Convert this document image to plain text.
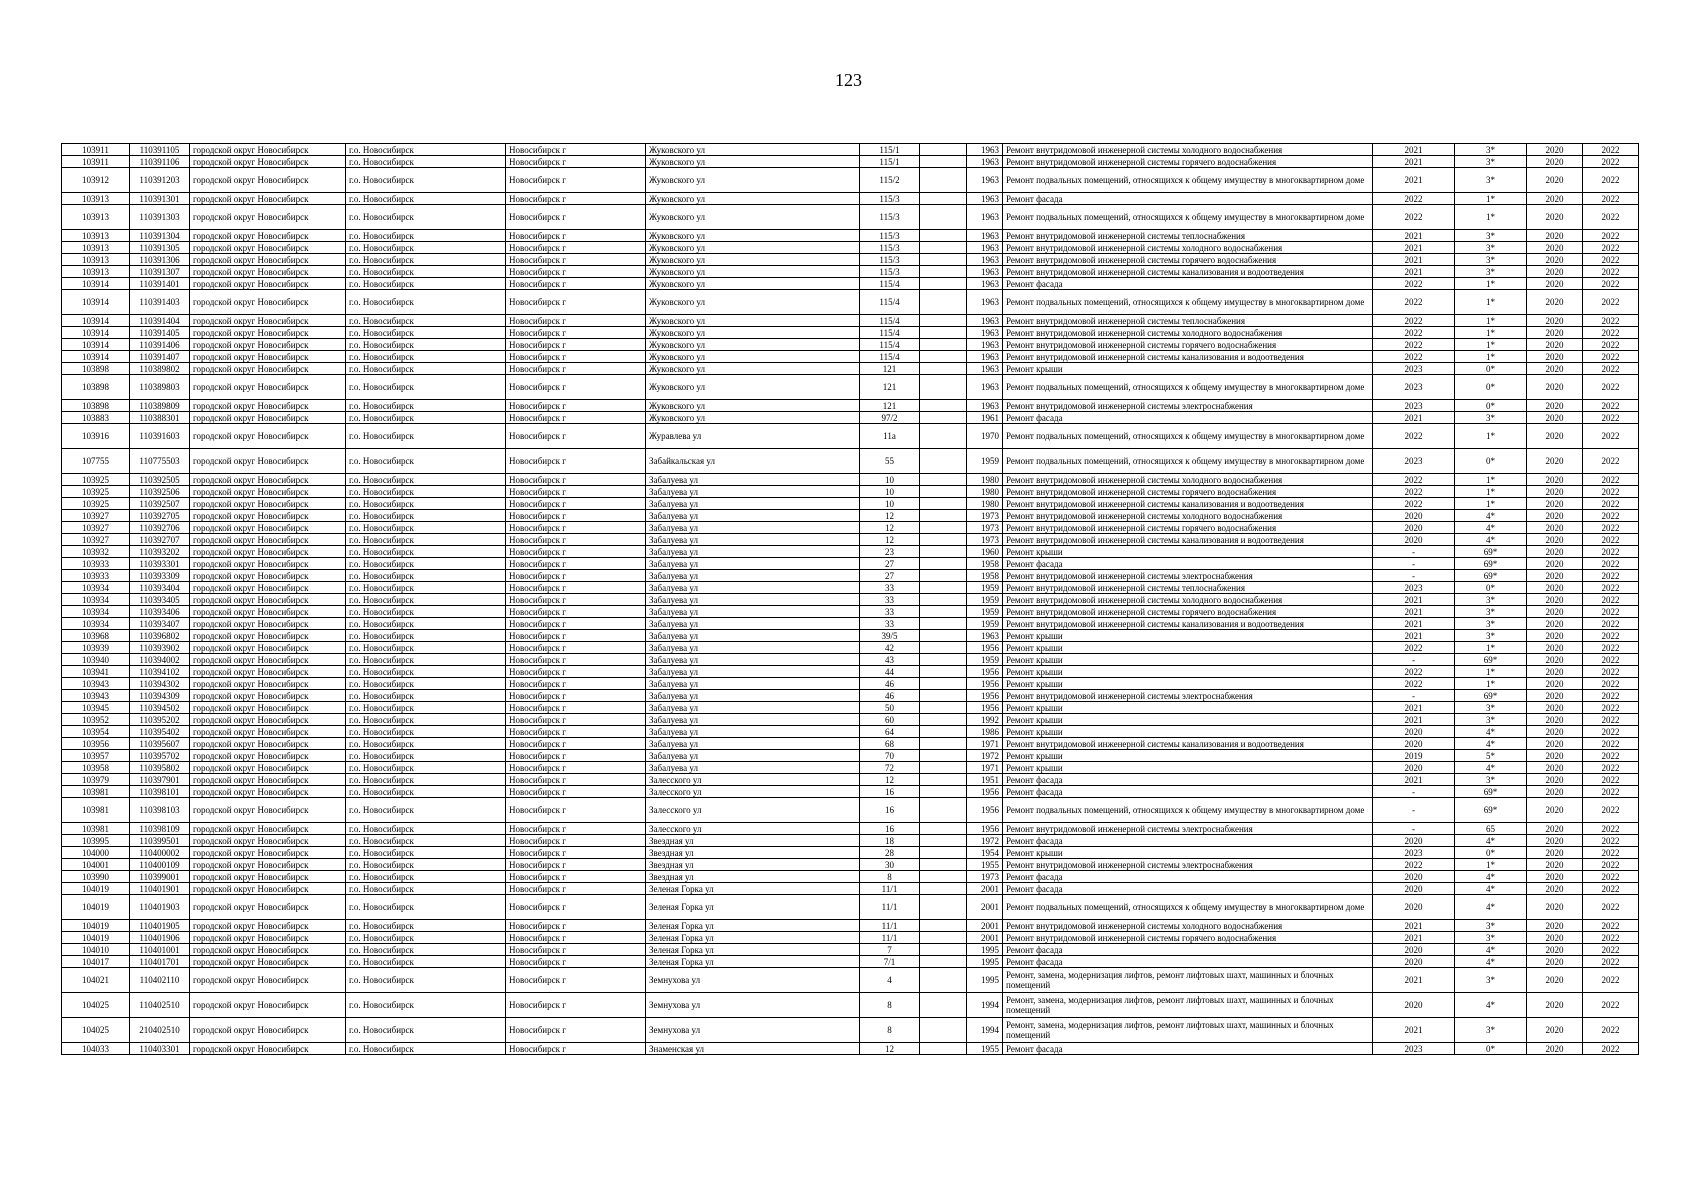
123
103911	110391105	городской округ Новосибирск	г.о. Новосибирск	Новосибирск г	Жуковского ул	115/1		1963	Ремонт внутридомовой инженерной системы холодного водоснабжения	2021	3*	2020	2022
103911	110391106	городской округ Новосибирск	г.о. Новосибирск	Новосибирск г	Жуковского ул	115/1		1963	Ремонт внутридомовой инженерной системы горячего водоснабжения	2021	3*	2020	2022
103912	110391203	городской округ Новосибирск	г.о. Новосибирск	Новосибирск г	Жуковского ул	115/2		1963	Ремонт подвальных помещений, относящихся к общему имуществу в многоквартирном доме	2021	3*	2020	2022
103913	110391301	городской округ Новосибирск	г.о. Новосибирск	Новосибирск г	Жуковского ул	115/3		1963	Ремонт фасада	2022	1*	2020	2022
103913	110391303	городской округ Новосибирск	г.о. Новосибирск	Новосибирск г	Жуковского ул	115/3		1963	Ремонт подвальных помещений, относящихся к общему имуществу в многоквартирном доме	2022	1*	2020	2022
103913	110391304	городской округ Новосибирск	г.о. Новосибирск	Новосибирск г	Жуковского ул	115/3		1963	Ремонт внутридомовой инженерной системы теплоснабжения	2021	3*	2020	2022
103913	110391305	городской округ Новосибирск	г.о. Новосибирск	Новосибирск г	Жуковского ул	115/3		1963	Ремонт внутридомовой инженерной системы холодного водоснабжения	2021	3*	2020	2022
103913	110391306	городской округ Новосибирск	г.о. Новосибирск	Новосибирск г	Жуковского ул	115/3		1963	Ремонт внутридомовой инженерной системы горячего водоснабжения	2021	3*	2020	2022
103913	110391307	городской округ Новосибирск	г.о. Новосибирск	Новосибирск г	Жуковского ул	115/3		1963	Ремонт внутридомовой инженерной системы канализования и водоотведения	2021	3*	2020	2022
103914	110391401	городской округ Новосибирск	г.о. Новосибирск	Новосибирск г	Жуковского ул	115/4		1963	Ремонт фасада	2022	1*	2020	2022
103914	110391403	городской округ Новосибирск	г.о. Новосибирск	Новосибирск г	Жуковского ул	115/4		1963	Ремонт подвальных помещений, относящихся к общему имуществу в многоквартирном доме	2022	1*	2020	2022
103914	110391404	городской округ Новосибирск	г.о. Новосибирск	Новосибирск г	Жуковского ул	115/4		1963	Ремонт внутридомовой инженерной системы теплоснабжения	2022	1*	2020	2022
103914	110391405	городской округ Новосибирск	г.о. Новосибирск	Новосибирск г	Жуковского ул	115/4		1963	Ремонт внутридомовой инженерной системы холодного водоснабжения	2022	1*	2020	2022
103914	110391406	городской округ Новосибирск	г.о. Новосибирск	Новосибирск г	Жуковского ул	115/4		1963	Ремонт внутридомовой инженерной системы горячего водоснабжения	2022	1*	2020	2022
103914	110391407	городской округ Новосибирск	г.о. Новосибирск	Новосибирск г	Жуковского ул	115/4		1963	Ремонт внутридомовой инженерной системы канализования и водоотведения	2022	1*	2020	2022
103898	110389802	городской округ Новосибирск	г.о. Новосибирск	Новосибирск г	Жуковского ул	121		1963	Ремонт крыши	2023	0*	2020	2022
103898	110389803	городской округ Новосибирск	г.о. Новосибирск	Новосибирск г	Жуковского ул	121		1963	Ремонт подвальных помещений, относящихся к общему имуществу в многоквартирном доме	2023	0*	2020	2022
103898	110389809	городской округ Новосибирск	г.о. Новосибирск	Новосибирск г	Жуковского ул	121		1963	Ремонт внутридомовой инженерной системы электроснабжения	2023	0*	2020	2022
103883	110388301	городской округ Новосибирск	г.о. Новосибирск	Новосибирск г	Жуковского ул	97/2		1961	Ремонт фасада	2021	3*	2020	2022
103916	110391603	городской округ Новосибирск	г.о. Новосибирск	Новосибирск г	Журавлева ул	11а		1970	Ремонт подвальных помещений, относящихся к общему имуществу в многоквартирном доме	2022	1*	2020	2022
107755	110775503	городской округ Новосибирск	г.о. Новосибирск	Новосибирск г	Забайкальская ул	55		1959	Ремонт подвальных помещений, относящихся к общему имуществу в многоквартирном доме	2023	0*	2020	2022
103925	110392505	городской округ Новосибирск	г.о. Новосибирск	Новосибирск г	Забалуева ул	10		1980	Ремонт внутридомовой инженерной системы холодного водоснабжения	2022	1*	2020	2022
103925	110392506	городской округ Новосибирск	г.о. Новосибирск	Новосибирск г	Забалуева ул	10		1980	Ремонт внутридомовой инженерной системы горячего водоснабжения	2022	1*	2020	2022
103925	110392507	городской округ Новосибирск	г.о. Новосибирск	Новосибирск г	Забалуева ул	10		1980	Ремонт внутридомовой инженерной системы канализования и водоотведения	2022	1*	2020	2022
103927	110392705	городской округ Новосибирск	г.о. Новосибирск	Новосибирск г	Забалуева ул	12		1973	Ремонт внутридомовой инженерной системы холодного водоснабжения	2020	4*	2020	2022
103927	110392706	городской округ Новосибирск	г.о. Новосибирск	Новосибирск г	Забалуева ул	12		1973	Ремонт внутридомовой инженерной системы горячего водоснабжения	2020	4*	2020	2022
103927	110392707	городской округ Новосибирск	г.о. Новосибирск	Новосибирск г	Забалуева ул	12		1973	Ремонт внутридомовой инженерной системы канализования и водоотведения	2020	4*	2020	2022
103932	110393202	городской округ Новосибирск	г.о. Новосибирск	Новосибирск г	Забалуева ул	23		1960	Ремонт крыши	-	69*	2020	2022
103933	110393301	городской округ Новосибирск	г.о. Новосибирск	Новосибирск г	Забалуева ул	27		1958	Ремонт фасада	-	69*	2020	2022
103933	110393309	городской округ Новосибирск	г.о. Новосибирск	Новосибирск г	Забалуева ул	27		1958	Ремонт внутридомовой инженерной системы электроснабжения	-	69*	2020	2022
103934	110393404	городской округ Новосибирск	г.о. Новосибирск	Новосибирск г	Забалуева ул	33		1959	Ремонт внутридомовой инженерной системы теплоснабжения	2023	0*	2020	2022
103934	110393405	городской округ Новосибирск	г.о. Новосибирск	Новосибирск г	Забалуева ул	33		1959	Ремонт внутридомовой инженерной системы холодного водоснабжения	2021	3*	2020	2022
103934	110393406	городской округ Новосибирск	г.о. Новосибирск	Новосибирск г	Забалуева ул	33		1959	Ремонт внутридомовой инженерной системы горячего водоснабжения	2021	3*	2020	2022
103934	110393407	городской округ Новосибирск	г.о. Новосибирск	Новосибирск г	Забалуева ул	33		1959	Ремонт внутридомовой инженерной системы канализования и водоотведения	2021	3*	2020	2022
103968	110396802	городской округ Новосибирск	г.о. Новосибирск	Новосибирск г	Забалуева ул	39/5		1963	Ремонт крыши	2021	3*	2020	2022
103939	110393902	городской округ Новосибирск	г.о. Новосибирск	Новосибирск г	Забалуева ул	42		1956	Ремонт крыши	2022	1*	2020	2022
103940	110394002	городской округ Новосибирск	г.о. Новосибирск	Новосибирск г	Забалуева ул	43		1959	Ремонт крыши	-	69*	2020	2022
103941	110394102	городской округ Новосибирск	г.о. Новосибирск	Новосибирск г	Забалуева ул	44		1956	Ремонт крыши	2022	1*	2020	2022
103943	110394302	городской округ Новосибирск	г.о. Новосибирск	Новосибирск г	Забалуева ул	46		1956	Ремонт крыши	2022	1*	2020	2022
103943	110394309	городской округ Новосибирск	г.о. Новосибирск	Новосибирск г	Забалуева ул	46		1956	Ремонт внутридомовой инженерной системы электроснабжения	-	69*	2020	2022
103945	110394502	городской округ Новосибирск	г.о. Новосибирск	Новосибирск г	Забалуева ул	50		1956	Ремонт крыши	2021	3*	2020	2022
103952	110395202	городской округ Новосибирск	г.о. Новосибирск	Новосибирск г	Забалуева ул	60		1992	Ремонт крыши	2021	3*	2020	2022
103954	110395402	городской округ Новосибирск	г.о. Новосибирск	Новосибирск г	Забалуева ул	64		1986	Ремонт крыши	2020	4*	2020	2022
103956	110395607	городской округ Новосибирск	г.о. Новосибирск	Новосибирск г	Забалуева ул	68		1971	Ремонт внутридомовой инженерной системы канализования и водоотведения	2020	4*	2020	2022
103957	110395702	городской округ Новосибирск	г.о. Новосибирск	Новосибирск г	Забалуева ул	70		1972	Ремонт крыши	2019	5*	2020	2022
103958	110395802	городской округ Новосибирск	г.о. Новосибирск	Новосибирск г	Забалуева ул	72		1971	Ремонт крыши	2020	4*	2020	2022
103979	110397901	городской округ Новосибирск	г.о. Новосибирск	Новосибирск г	Залесского ул	12		1951	Ремонт фасада	2021	3*	2020	2022
103981	110398101	городской округ Новосибирск	г.о. Новосибирск	Новосибирск г	Залесского ул	16		1956	Ремонт фасада	-	69*	2020	2022
103981	110398103	городской округ Новосибирск	г.о. Новосибирск	Новосибирск г	Залесского ул	16		1956	Ремонт подвальных помещений, относящихся к общему имуществу в многоквартирном доме	-	69*	2020	2022
103981	110398109	городской округ Новосибирск	г.о. Новосибирск	Новосибирск г	Залесского ул	16		1956	Ремонт внутридомовой инженерной системы электроснабжения	-	65	2020	2022
103995	110399501	городской округ Новосибирск	г.о. Новосибирск	Новосибирск г	Звездная ул	18		1972	Ремонт фасада	2020	4*	2020	2022
104000	110400002	городской округ Новосибирск	г.о. Новосибирск	Новосибирск г	Звездная ул	28		1954	Ремонт крыши	2023	0*	2020	2022
104001	110400109	городской округ Новосибирск	г.о. Новосибирск	Новосибирск г	Звездная ул	30		1955	Ремонт внутридомовой инженерной системы электроснабжения	2022	1*	2020	2022
103990	110399001	городской округ Новосибирск	г.о. Новосибирск	Новосибирск г	Звездная ул	8		1973	Ремонт фасада	2020	4*	2020	2022
104019	110401901	городской округ Новосибирск	г.о. Новосибирск	Новосибирск г	Зеленая Горка ул	11/1		2001	Ремонт фасада	2020	4*	2020	2022
104019	110401903	городской округ Новосибирск	г.о. Новосибирск	Новосибирск г	Зеленая Горка ул	11/1		2001	Ремонт подвальных помещений, относящихся к общему имуществу в многоквартирном доме	2020	4*	2020	2022
104019	110401905	городской округ Новосибирск	г.о. Новосибирск	Новосибирск г	Зеленая Горка ул	11/1		2001	Ремонт внутридомовой инженерной системы холодного водоснабжения	2021	3*	2020	2022
104019	110401906	городской округ Новосибирск	г.о. Новосибирск	Новосибирск г	Зеленая Горка ул	11/1		2001	Ремонт внутридомовой инженерной системы горячего водоснабжения	2021	3*	2020	2022
104010	110401001	городской округ Новосибирск	г.о. Новосибирск	Новосибирск г	Зеленая Горка ул	7		1995	Ремонт фасада	2020	4*	2020	2022
104017	110401701	городской округ Новосибирск	г.о. Новосибирск	Новосибирск г	Зеленая Горка ул	7/1		1995	Ремонт фасада	2020	4*	2020	2022
104021	110402110	городской округ Новосибирск	г.о. Новосибирск	Новосибирск г	Земнухова ул	4		1995	Ремонт, замена, модернизация лифтов, ремонт лифтовых шахт, машинных и блочных помещений	2021	3*	2020	2022
104025	110402510	городской округ Новосибирск	г.о. Новосибирск	Новосибирск г	Земнухова ул	8		1994	Ремонт, замена, модернизация лифтов, ремонт лифтовых шахт, машинных и блочных помещений	2020	4*	2020	2022
104025	210402510	городской округ Новосибирск	г.о. Новосибирск	Новосибирск г	Земнухова ул	8		1994	Ремонт, замена, модернизация лифтов, ремонт лифтовых шахт, машинных и блочных помещений	2021	3*	2020	2022
104033	110403301	городской округ Новосибирск	г.о. Новосибирск	Новосибирск г	Знаменская ул	12		1955	Ремонт фасада	2023	0*	2020	2022
